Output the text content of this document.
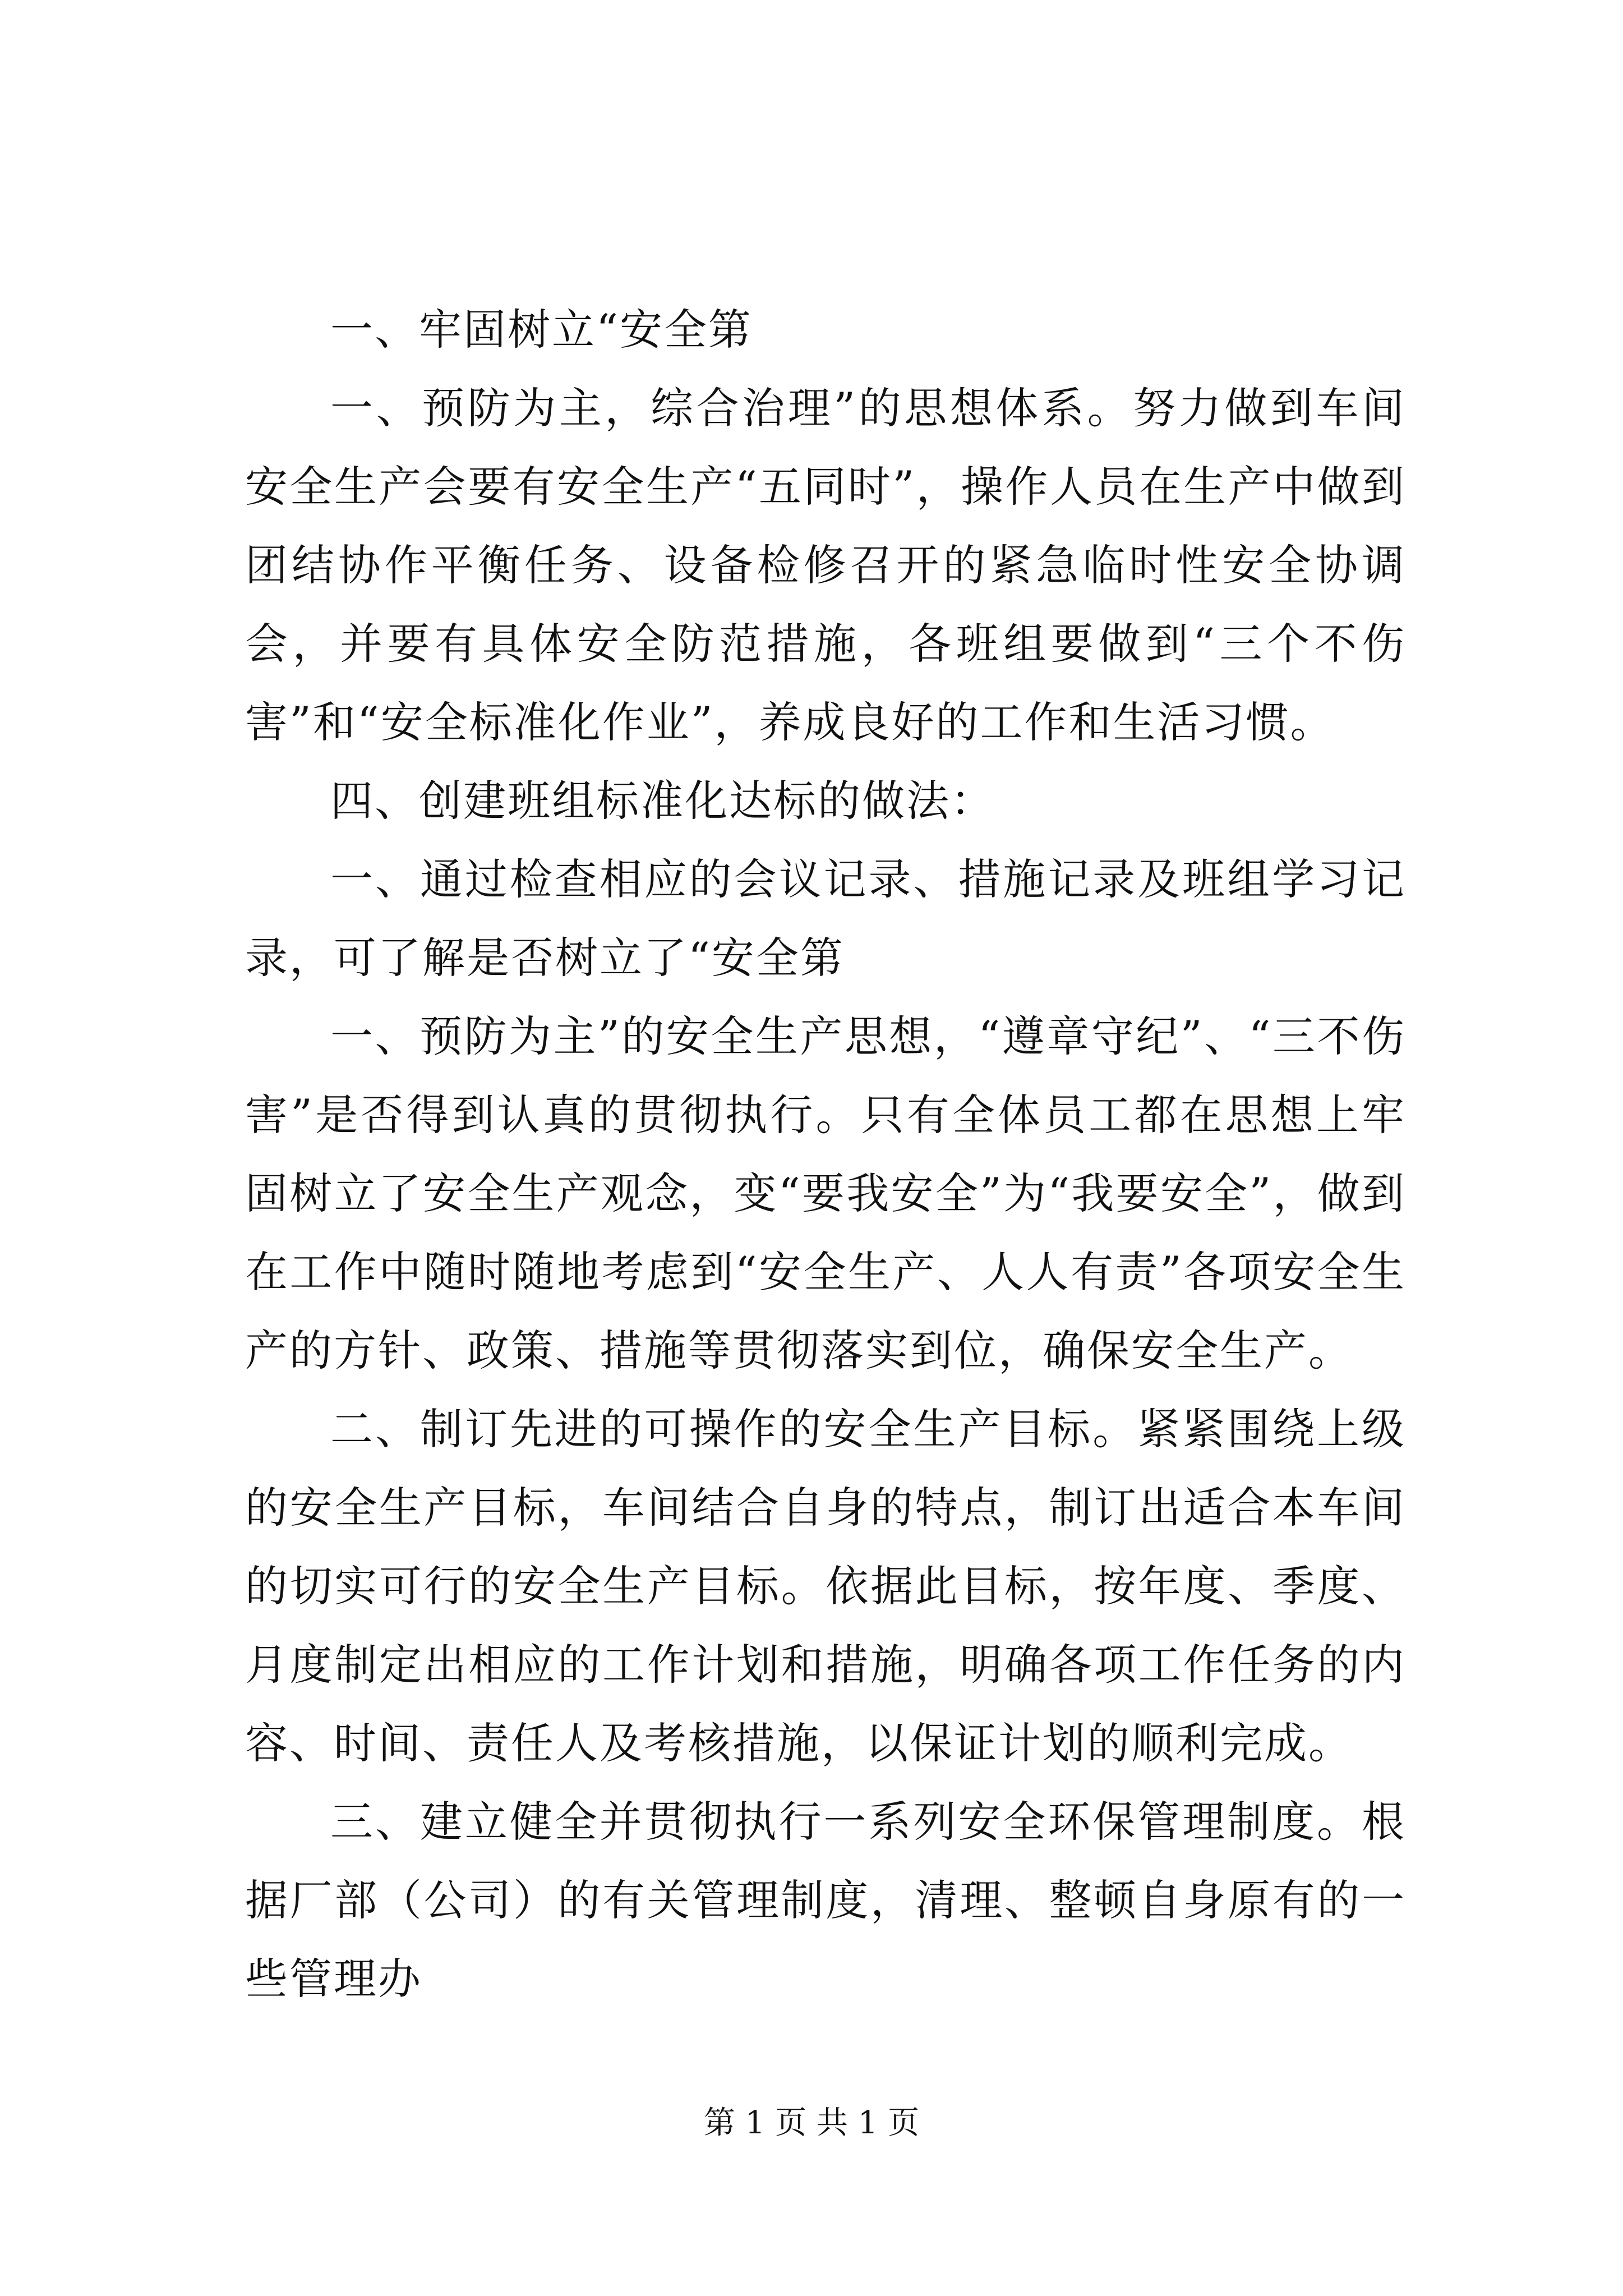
一、牢固树立“安全第

一、预防为主，综合治理”的思想体系。努力做到车间安全生产会要有安全生产“五同时”，操作人员在生产中做到团结协作平衡任务、设备检修召开的紧急临时性安全协调会，并要有具体安全防范措施，各班组要做到“三个不伤害”和“安全标准化作业”，养成良好的工作和生活习惯。

四、创建班组标准化达标的做法：

一、通过检查相应的会议记录、措施记录及班组学习记录，可了解是否树立了“安全第

一、预防为主”的安全生产思想，“遵章守纪”、“三不伤害”是否得到认真的贯彻执行。只有全体员工都在思想上牢固树立了安全生产观念，变“要我安全”为“我要安全”，做到在工作中随时随地考虑到“安全生产、人人有责”各项安全生产的方针、政策、措施等贯彻落实到位，确保安全生产。

二、制订先进的可操作的安全生产目标。紧紧围绕上级的安全生产目标，车间结合自身的特点，制订出适合本车间的切实可行的安全生产目标。依据此目标，按年度、季度、月度制定出相应的工作计划和措施，明确各项工作任务的内容、时间、责任人及考核措施，以保证计划的顺利完成。

三、建立健全并贯彻执行一系列安全环保管理制度。根据厂部（公司）的有关管理制度，清理、整顿自身原有的一些管理办

第 1 页 共 1 页
